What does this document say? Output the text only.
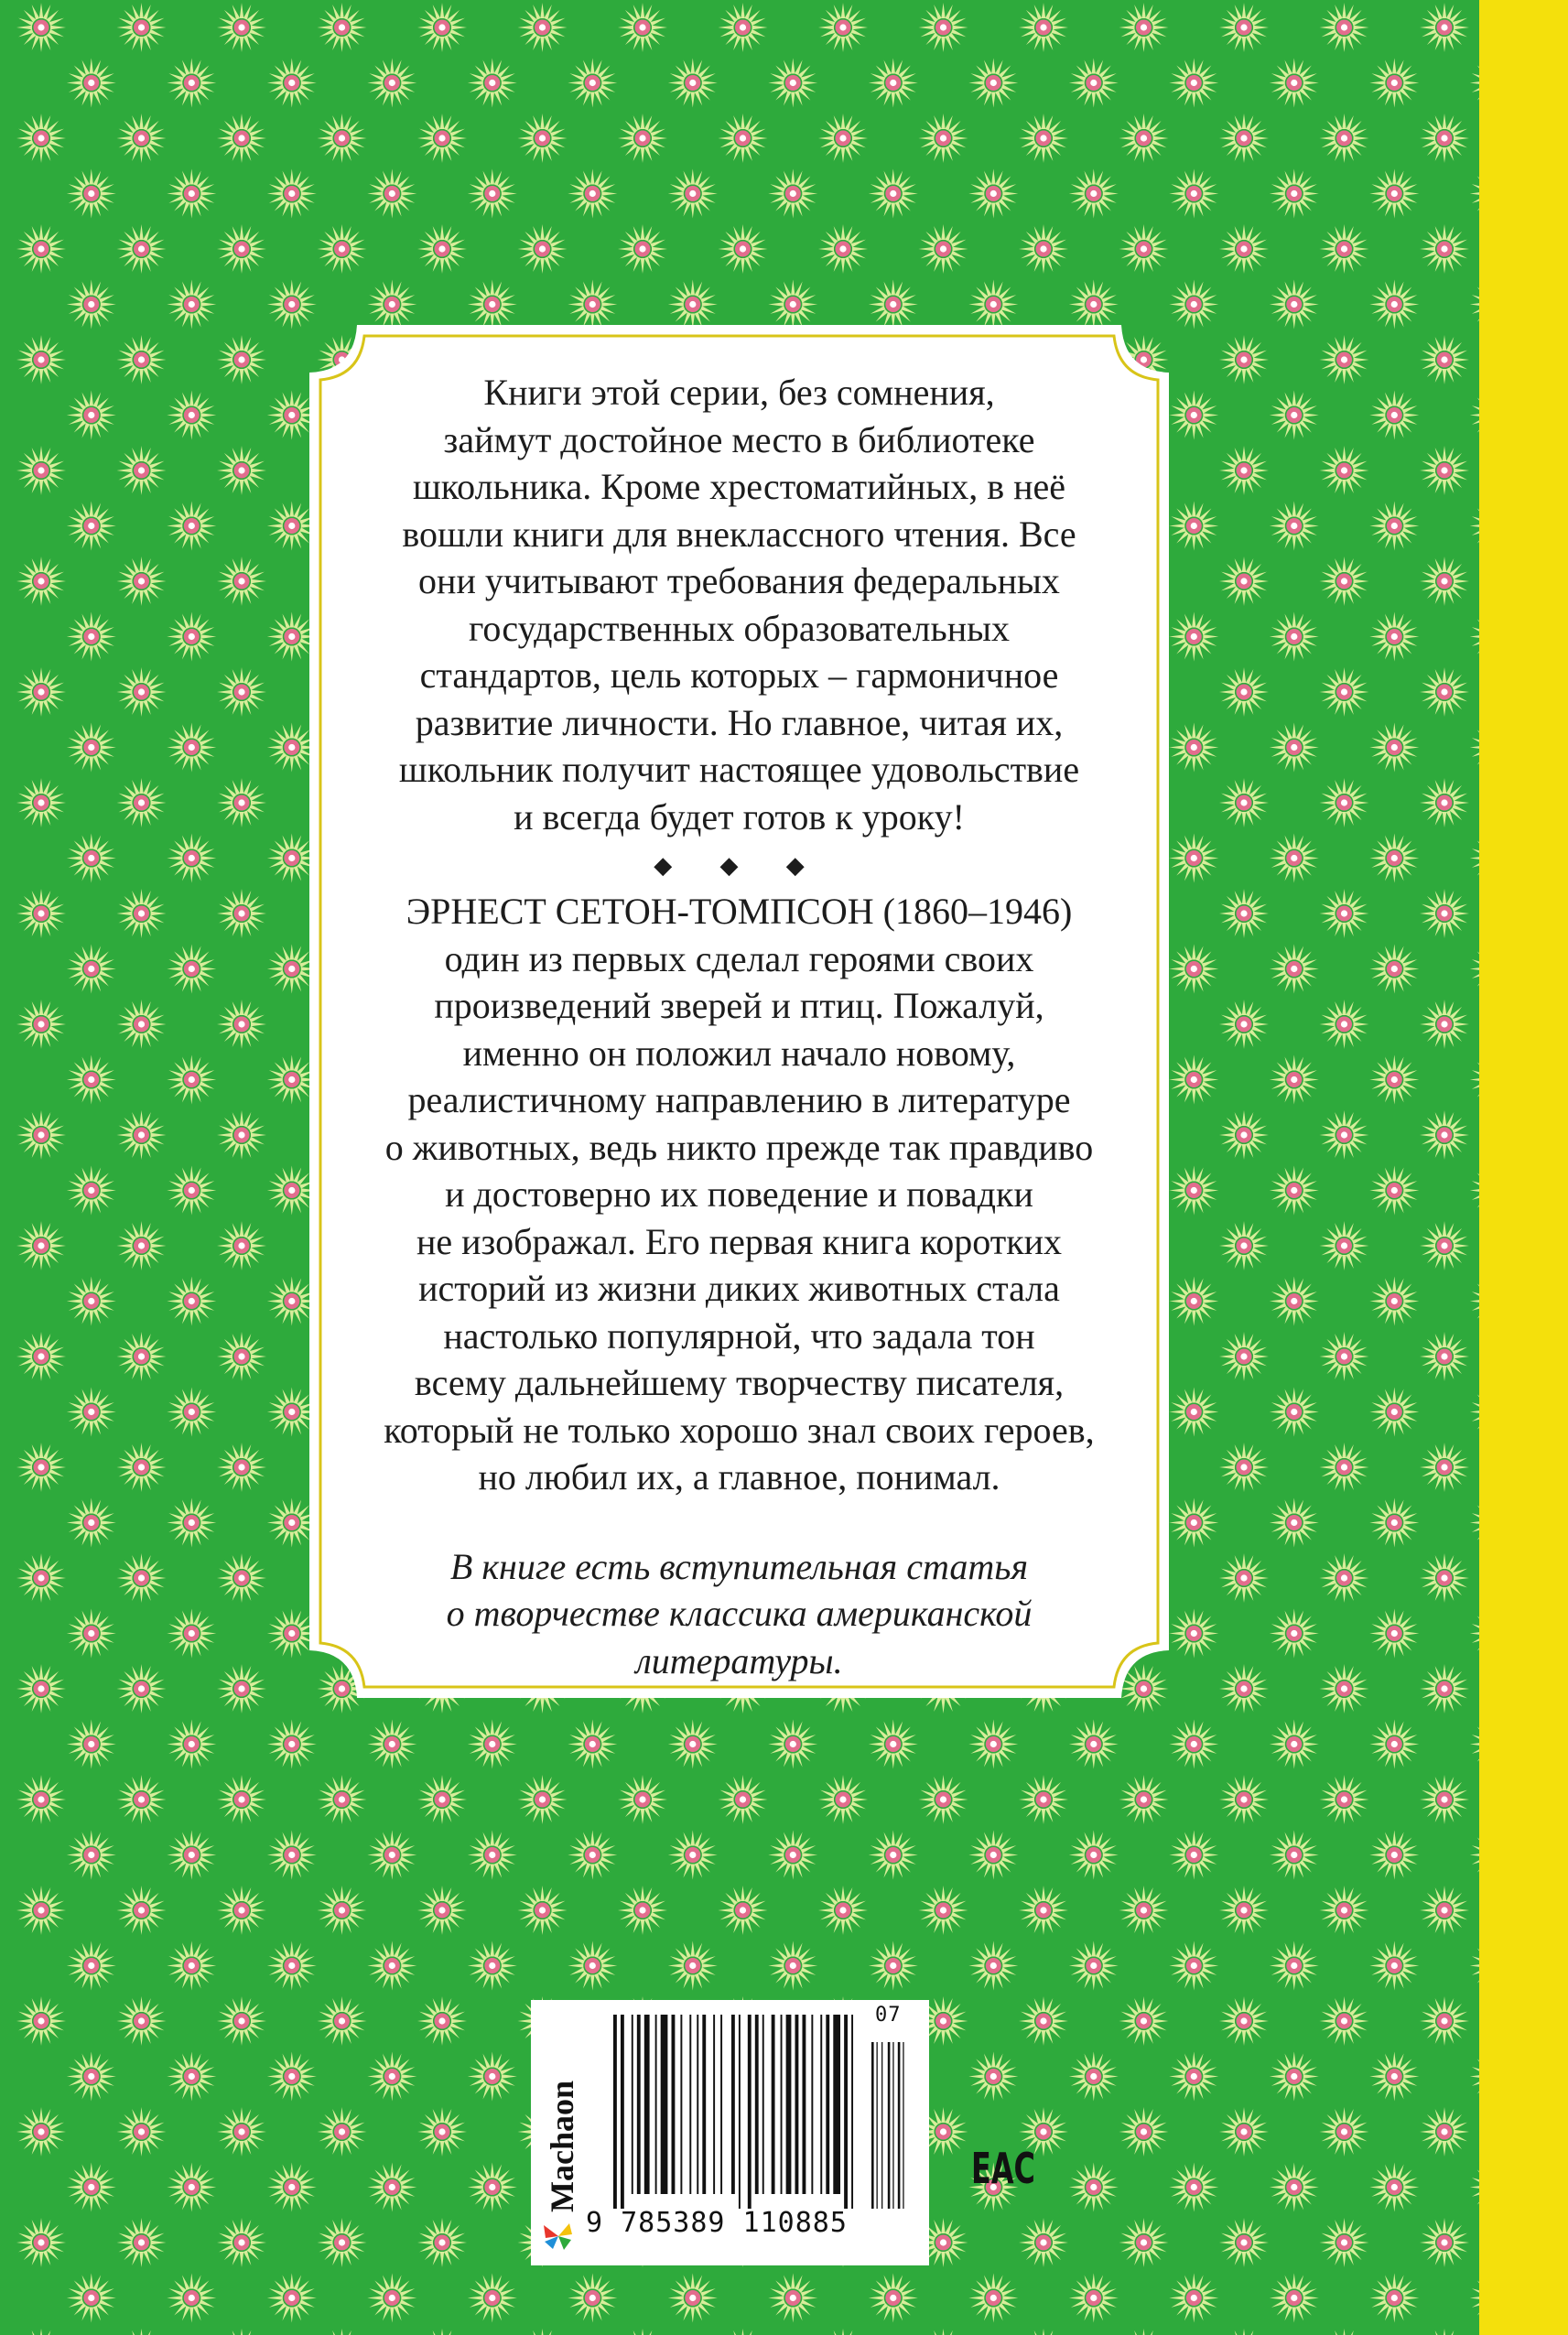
Книги этой серии, без сомнения,
займут достойное место в библиотеке
школьника. Кроме хрестоматийных, в неё
вошли книги для внеклассного чтения. Все
они учитывают требования федеральных
государственных образовательных
стандартов, цель которых – гармоничное
развитие личности. Но главное, читая их,
школьник получит настоящее удовольствие
и всегда будет готов к уроку!

◆ ◆ ◆

ЭРНЕСТ СЕТОН-ТОМПСОН (1860–1946)
один из первых сделал героями своих
произведений зверей и птиц. Пожалуй,
именно он положил начало новому,
реалистичному направлению в литературе
о животных, ведь никто прежде так правдиво
и достоверно их поведение и повадки
не изображал. Его первая книга коротких
историй из жизни диких животных стала
настолько популярной, что задала тон
всему дальнейшему творчеству писателя,
который не только хорошо знал своих героев,
но любил их, а главное, понимал.

В книге есть вступительная статья
о творчестве классика американской
литературы.

Machaon
07
9 785389 110885
EAC
